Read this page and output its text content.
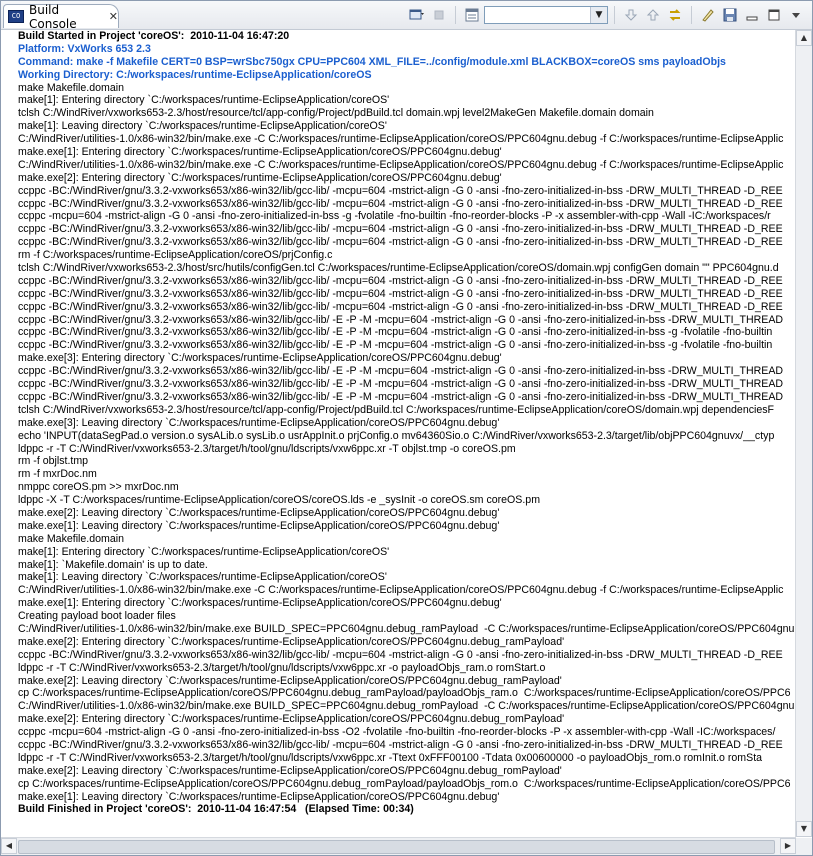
CO Build Console	✕	▼
Build Started in Project 'coreOS':  2010-11-04 16:47:20
Platform: VxWorks 653 2.3
Command: make -f Makefile CERT=0 BSP=wrSbc750gx CPU=PPC604 XML_FILE=../config/module.xml BLACKBOX=coreOS sms payloadObjs
Working Directory: C:/workspaces/runtime-EclipseApplication/coreOS
make Makefile.domain
make[1]: Entering directory `C:/workspaces/runtime-EclipseApplication/coreOS'
tclsh C:/WindRiver/vxworks653-2.3/host/resource/tcl/app-config/Project/pdBuild.tcl domain.wpj level2MakeGen Makefile.domain domain
make[1]: Leaving directory `C:/workspaces/runtime-EclipseApplication/coreOS'
C:/WindRiver/utilities-1.0/x86-win32/bin/make.exe -C C:/workspaces/runtime-EclipseApplication/coreOS/PPC604gnu.debug -f C:/workspaces/runtime-EclipseApplic
make.exe[1]: Entering directory `C:/workspaces/runtime-EclipseApplication/coreOS/PPC604gnu.debug'
C:/WindRiver/utilities-1.0/x86-win32/bin/make.exe -C C:/workspaces/runtime-EclipseApplication/coreOS/PPC604gnu.debug -f C:/workspaces/runtime-EclipseApplic
make.exe[2]: Entering directory `C:/workspaces/runtime-EclipseApplication/coreOS/PPC604gnu.debug'
ccppc -BC:/WindRiver/gnu/3.3.2-vxworks653/x86-win32/lib/gcc-lib/ -mcpu=604 -mstrict-align -G 0 -ansi -fno-zero-initialized-in-bss -DRW_MULTI_THREAD -D_REE
ccppc -BC:/WindRiver/gnu/3.3.2-vxworks653/x86-win32/lib/gcc-lib/ -mcpu=604 -mstrict-align -G 0 -ansi -fno-zero-initialized-in-bss -DRW_MULTI_THREAD -D_REE
ccppc -mcpu=604 -mstrict-align -G 0 -ansi -fno-zero-initialized-in-bss -g -fvolatile -fno-builtin -fno-reorder-blocks -P -x assembler-with-cpp -Wall -IC:/workspaces/r
ccppc -BC:/WindRiver/gnu/3.3.2-vxworks653/x86-win32/lib/gcc-lib/ -mcpu=604 -mstrict-align -G 0 -ansi -fno-zero-initialized-in-bss -DRW_MULTI_THREAD -D_REE
ccppc -BC:/WindRiver/gnu/3.3.2-vxworks653/x86-win32/lib/gcc-lib/ -mcpu=604 -mstrict-align -G 0 -ansi -fno-zero-initialized-in-bss -DRW_MULTI_THREAD -D_REE
rm -f C:/workspaces/runtime-EclipseApplication/coreOS/prjConfig.c
tclsh C:/WindRiver/vxworks653-2.3/host/src/hutils/configGen.tcl C:/workspaces/runtime-EclipseApplication/coreOS/domain.wpj configGen domain "" PPC604gnu.d
ccppc -BC:/WindRiver/gnu/3.3.2-vxworks653/x86-win32/lib/gcc-lib/ -mcpu=604 -mstrict-align -G 0 -ansi -fno-zero-initialized-in-bss -DRW_MULTI_THREAD -D_REE
ccppc -BC:/WindRiver/gnu/3.3.2-vxworks653/x86-win32/lib/gcc-lib/ -mcpu=604 -mstrict-align -G 0 -ansi -fno-zero-initialized-in-bss -DRW_MULTI_THREAD -D_REE
ccppc -BC:/WindRiver/gnu/3.3.2-vxworks653/x86-win32/lib/gcc-lib/ -mcpu=604 -mstrict-align -G 0 -ansi -fno-zero-initialized-in-bss -DRW_MULTI_THREAD -D_REE
ccppc -BC:/WindRiver/gnu/3.3.2-vxworks653/x86-win32/lib/gcc-lib/ -E -P -M -mcpu=604 -mstrict-align -G 0 -ansi -fno-zero-initialized-in-bss -DRW_MULTI_THREAD
ccppc -BC:/WindRiver/gnu/3.3.2-vxworks653/x86-win32/lib/gcc-lib/ -E -P -M -mcpu=604 -mstrict-align -G 0 -ansi -fno-zero-initialized-in-bss -g -fvolatile -fno-builtin
ccppc -BC:/WindRiver/gnu/3.3.2-vxworks653/x86-win32/lib/gcc-lib/ -E -P -M -mcpu=604 -mstrict-align -G 0 -ansi -fno-zero-initialized-in-bss -g -fvolatile -fno-builtin
make.exe[3]: Entering directory `C:/workspaces/runtime-EclipseApplication/coreOS/PPC604gnu.debug'
ccppc -BC:/WindRiver/gnu/3.3.2-vxworks653/x86-win32/lib/gcc-lib/ -E -P -M -mcpu=604 -mstrict-align -G 0 -ansi -fno-zero-initialized-in-bss -DRW_MULTI_THREAD
ccppc -BC:/WindRiver/gnu/3.3.2-vxworks653/x86-win32/lib/gcc-lib/ -E -P -M -mcpu=604 -mstrict-align -G 0 -ansi -fno-zero-initialized-in-bss -DRW_MULTI_THREAD
ccppc -BC:/WindRiver/gnu/3.3.2-vxworks653/x86-win32/lib/gcc-lib/ -E -P -M -mcpu=604 -mstrict-align -G 0 -ansi -fno-zero-initialized-in-bss -DRW_MULTI_THREAD
tclsh C:/WindRiver/vxworks653-2.3/host/resource/tcl/app-config/Project/pdBuild.tcl C:/workspaces/runtime-EclipseApplication/coreOS/domain.wpj dependenciesF
make.exe[3]: Leaving directory `C:/workspaces/runtime-EclipseApplication/coreOS/PPC604gnu.debug'
echo 'INPUT(dataSegPad.o version.o sysALib.o sysLib.o usrAppInit.o prjConfig.o mv64360Sio.o C:/WindRiver/vxworks653-2.3/target/lib/objPPC604gnuvx/__ctyp
ldppc -r -T C:/WindRiver/vxworks653-2.3/target/h/tool/gnu/ldscripts/vxw6ppc.xr -T objlst.tmp -o coreOS.pm
rm -f objlst.tmp
rm -f mxrDoc.nm
nmppc coreOS.pm >> mxrDoc.nm
ldppc -X -T C:/workspaces/runtime-EclipseApplication/coreOS/coreOS.lds -e _sysInit -o coreOS.sm coreOS.pm
make.exe[2]: Leaving directory `C:/workspaces/runtime-EclipseApplication/coreOS/PPC604gnu.debug'
make.exe[1]: Leaving directory `C:/workspaces/runtime-EclipseApplication/coreOS/PPC604gnu.debug'
make Makefile.domain
make[1]: Entering directory `C:/workspaces/runtime-EclipseApplication/coreOS'
make[1]: `Makefile.domain' is up to date.
make[1]: Leaving directory `C:/workspaces/runtime-EclipseApplication/coreOS'
C:/WindRiver/utilities-1.0/x86-win32/bin/make.exe -C C:/workspaces/runtime-EclipseApplication/coreOS/PPC604gnu.debug -f C:/workspaces/runtime-EclipseApplic
make.exe[1]: Entering directory `C:/workspaces/runtime-EclipseApplication/coreOS/PPC604gnu.debug'
Creating payload boot loader files
C:/WindRiver/utilities-1.0/x86-win32/bin/make.exe BUILD_SPEC=PPC604gnu.debug_ramPayload  -C C:/workspaces/runtime-EclipseApplication/coreOS/PPC604gnu
make.exe[2]: Entering directory `C:/workspaces/runtime-EclipseApplication/coreOS/PPC604gnu.debug_ramPayload'
ccppc -BC:/WindRiver/gnu/3.3.2-vxworks653/x86-win32/lib/gcc-lib/ -mcpu=604 -mstrict-align -G 0 -ansi -fno-zero-initialized-in-bss -DRW_MULTI_THREAD -D_REE
ldppc -r -T C:/WindRiver/vxworks653-2.3/target/h/tool/gnu/ldscripts/vxw6ppc.xr -o payloadObjs_ram.o romStart.o
make.exe[2]: Leaving directory `C:/workspaces/runtime-EclipseApplication/coreOS/PPC604gnu.debug_ramPayload'
cp C:/workspaces/runtime-EclipseApplication/coreOS/PPC604gnu.debug_ramPayload/payloadObjs_ram.o  C:/workspaces/runtime-EclipseApplication/coreOS/PPC6
C:/WindRiver/utilities-1.0/x86-win32/bin/make.exe BUILD_SPEC=PPC604gnu.debug_romPayload  -C C:/workspaces/runtime-EclipseApplication/coreOS/PPC604gnu
make.exe[2]: Entering directory `C:/workspaces/runtime-EclipseApplication/coreOS/PPC604gnu.debug_romPayload'
ccppc -mcpu=604 -mstrict-align -G 0 -ansi -fno-zero-initialized-in-bss -O2 -fvolatile -fno-builtin -fno-reorder-blocks -P -x assembler-with-cpp -Wall -IC:/workspaces/
ccppc -BC:/WindRiver/gnu/3.3.2-vxworks653/x86-win32/lib/gcc-lib/ -mcpu=604 -mstrict-align -G 0 -ansi -fno-zero-initialized-in-bss -DRW_MULTI_THREAD -D_REE
ldppc -r -T C:/WindRiver/vxworks653-2.3/target/h/tool/gnu/ldscripts/vxw6ppc.xr -Ttext 0xFFF00100 -Tdata 0x00600000 -o payloadObjs_rom.o romInit.o romSta
make.exe[2]: Leaving directory `C:/workspaces/runtime-EclipseApplication/coreOS/PPC604gnu.debug_romPayload'
cp C:/workspaces/runtime-EclipseApplication/coreOS/PPC604gnu.debug_romPayload/payloadObjs_rom.o  C:/workspaces/runtime-EclipseApplication/coreOS/PPC6
make.exe[1]: Leaving directory `C:/workspaces/runtime-EclipseApplication/coreOS/PPC604gnu.debug'
Build Finished in Project 'coreOS':  2010-11-04 16:47:54   (Elapsed Time: 00:34)
▲
▼
◀	▶
